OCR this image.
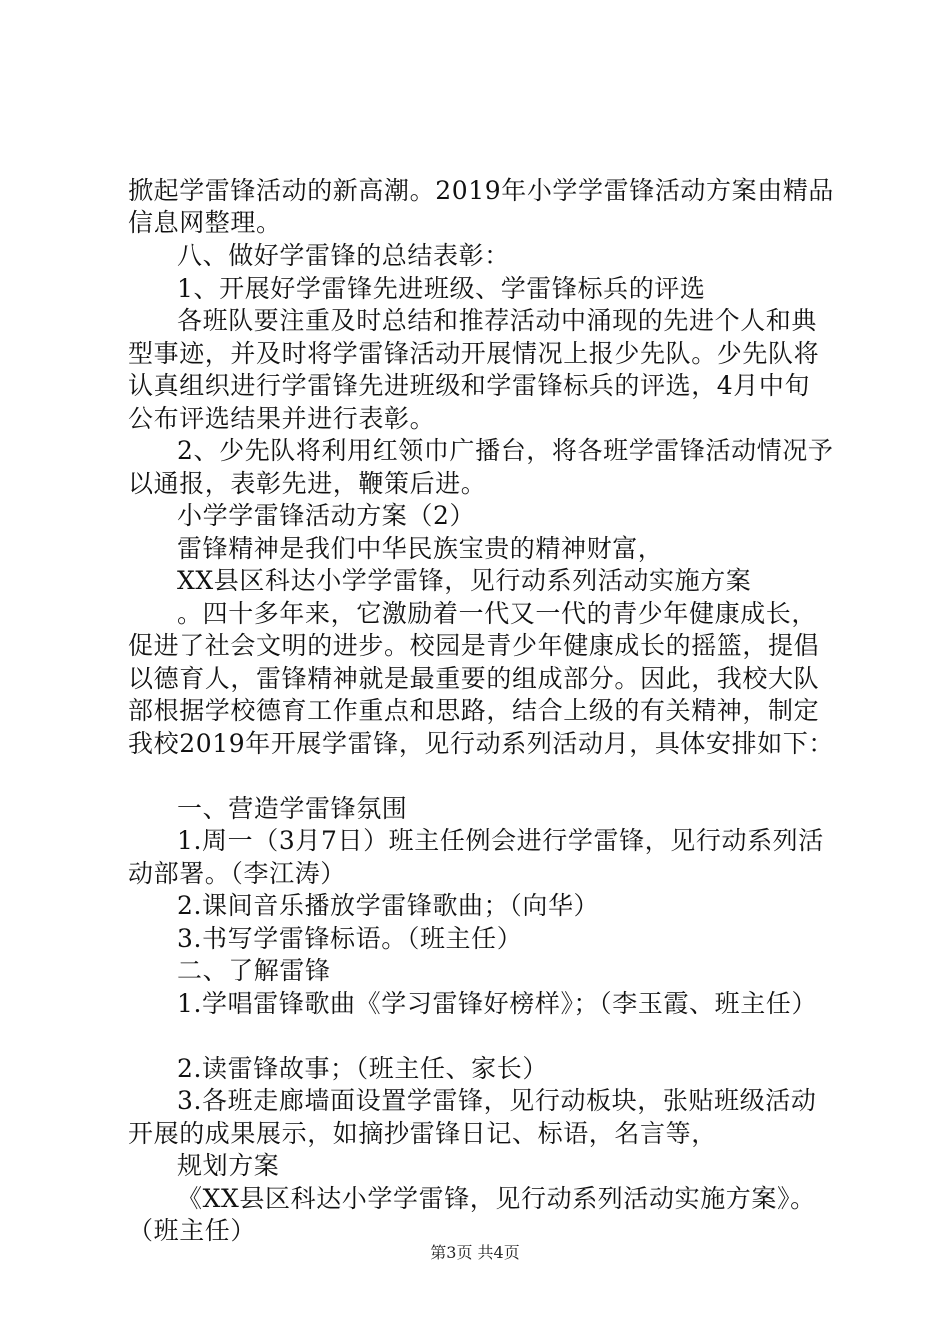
掀起学雷锋活动的新高潮。2019年小学学雷锋活动方案由精品
信息网整理。
八、做好学雷锋的总结表彰：
1、开展好学雷锋先进班级、学雷锋标兵的评选
各班队要注重及时总结和推荐活动中涌现的先进个人和典
型事迹，并及时将学雷锋活动开展情况上报少先队。少先队将
认真组织进行学雷锋先进班级和学雷锋标兵的评选，4月中旬
公布评选结果并进行表彰。
2、少先队将利用红领巾广播台，将各班学雷锋活动情况予
以通报，表彰先进，鞭策后进。
小学学雷锋活动方案（2）
雷锋精神是我们中华民族宝贵的精神财富，
XX县区科达小学学雷锋，见行动系列活动实施方案
。四十多年来，它激励着一代又一代的青少年健康成长，
促进了社会文明的进步。校园是青少年健康成长的摇篮，提倡
以德育人，雷锋精神就是最重要的组成部分。因此，我校大队
部根据学校德育工作重点和思路，结合上级的有关精神，制定
我校2019年开展学雷锋，见行动系列活动月，具体安排如下：
一、营造学雷锋氛围
1.周一（3月7日）班主任例会进行学雷锋，见行动系列活
动部署。（李江涛）
2.课间音乐播放学雷锋歌曲；（向华）
3.书写学雷锋标语。（班主任）
二、了解雷锋
1.学唱雷锋歌曲《学习雷锋好榜样》；（李玉霞、班主任）
2.读雷锋故事；（班主任、家长）
3.各班走廊墙面设置学雷锋，见行动板块，张贴班级活动
开展的成果展示，如摘抄雷锋日记、标语，名言等，
规划方案
《XX县区科达小学学雷锋，见行动系列活动实施方案》。
（班主任）
第3页 共4页
